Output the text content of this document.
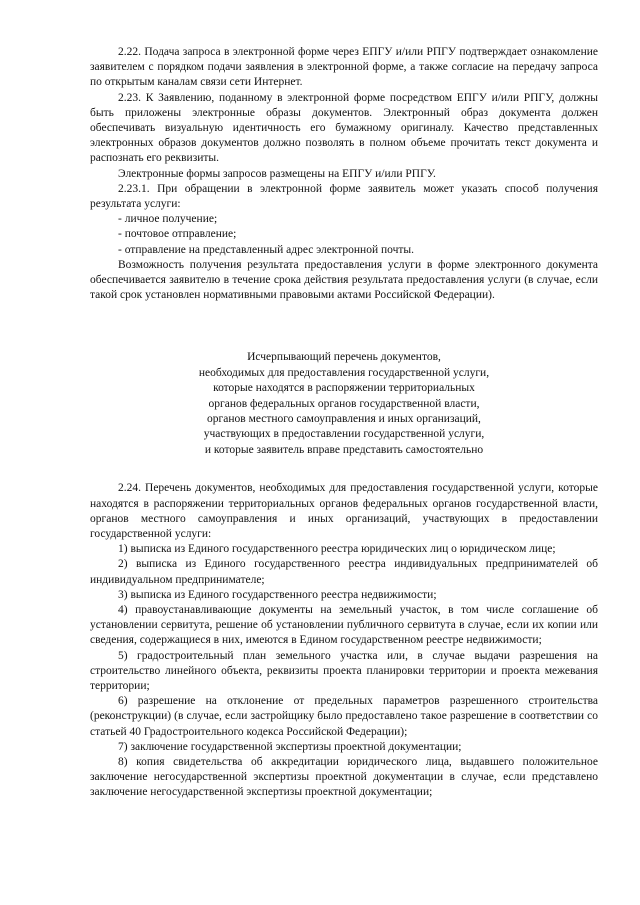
2.22. Подача запроса в электронной форме через ЕПГУ и/или РПГУ подтверждает ознакомление заявителем с порядком подачи заявления в электронной форме, а также согласие на передачу запроса по открытым каналам связи сети Интернет.

2.23. К Заявлению, поданному в электронной форме посредством ЕПГУ и/или РПГУ, должны быть приложены электронные образы документов. Электронный образ документа должен обеспечивать визуальную идентичность его бумажному оригиналу. Качество представленных электронных образов документов должно позволять в полном объеме прочитать текст документа и распознать его реквизиты.

Электронные формы запросов размещены на ЕПГУ и/или РПГУ.

2.23.1. При обращении в электронной форме заявитель может указать способ получения результата услуги:

- личное получение;

- почтовое отправление;

- отправление на представленный адрес электронной почты.

Возможность получения результата предоставления услуги в форме электронного документа обеспечивается заявителю в течение срока действия результата предоставления услуги (в случае, если такой срок установлен нормативными правовыми актами Российской Федерации).

Исчерпывающий перечень документов,

необходимых для предоставления государственной услуги,

которые находятся в распоряжении территориальных

органов федеральных органов государственной власти,

органов местного самоуправления и иных организаций,

участвующих в предоставлении государственной услуги,

и которые заявитель вправе представить самостоятельно

2.24. Перечень документов, необходимых для предоставления государственной услуги, которые находятся в распоряжении территориальных органов федеральных органов государственной власти, органов местного самоуправления и иных организаций, участвующих в предоставлении государственной услуги:

1) выписка из Единого государственного реестра юридических лиц о юридическом лице;

2) выписка из Единого государственного реестра индивидуальных предпринимателей об индивидуальном предпринимателе;

3) выписка из Единого государственного реестра недвижимости;

4) правоустанавливающие документы на земельный участок, в том числе соглашение об установлении сервитута, решение об установлении публичного сервитута в случае, если их копии или сведения, содержащиеся в них, имеются в Едином государственном реестре недвижимости;

5) градостроительный план земельного участка или, в случае выдачи разрешения на строительство линейного объекта, реквизиты проекта планировки территории и проекта межевания территории;

6) разрешение на отклонение от предельных параметров разрешенного строительства (реконструкции) (в случае, если застройщику было предоставлено такое разрешение в соответствии со статьей 40 Градостроительного кодекса Российской Федерации);

7) заключение государственной экспертизы проектной документации;

8) копия свидетельства об аккредитации юридического лица, выдавшего положительное заключение негосударственной экспертизы проектной документации в случае, если представлено заключение негосударственной экспертизы проектной документации;
